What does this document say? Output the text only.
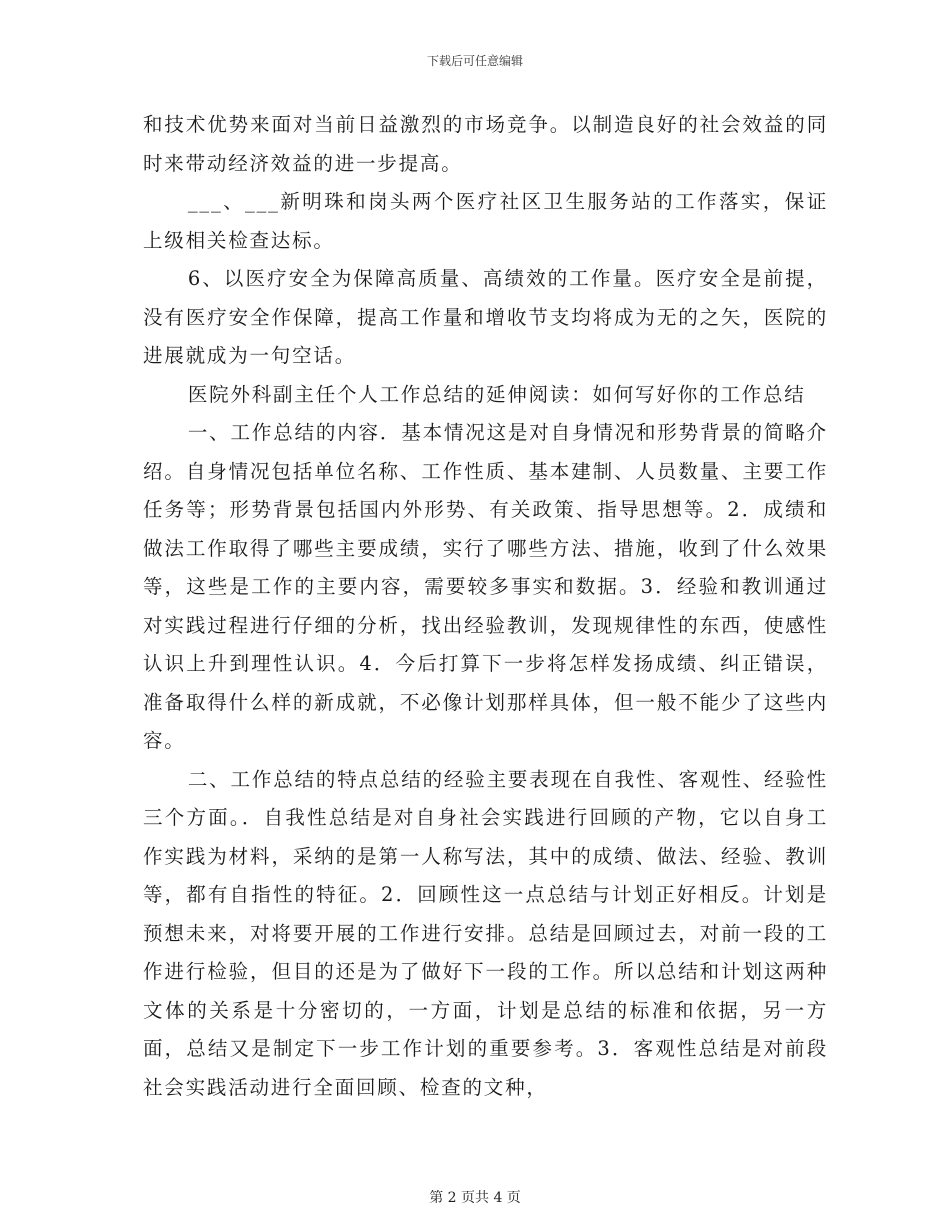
下载后可任意编辑

和技术优势来面对当前日益激烈的市场竞争。以制造良好的社会效益的同时来带动经济效益的进一步提高。

___、___新明珠和岗头两个医疗社区卫生服务站的工作落实，保证上级相关检查达标。

6、以医疗安全为保障高质量、高绩效的工作量。医疗安全是前提，没有医疗安全作保障，提高工作量和增收节支均将成为无的之矢，医院的进展就成为一句空话。

医院外科副主任个人工作总结的延伸阅读：如何写好你的工作总结

一、工作总结的内容．基本情况这是对自身情况和形势背景的简略介绍。自身情况包括单位名称、工作性质、基本建制、人员数量、主要工作任务等；形势背景包括国内外形势、有关政策、指导思想等。2．成绩和做法工作取得了哪些主要成绩，实行了哪些方法、措施，收到了什么效果等，这些是工作的主要内容，需要较多事实和数据。3．经验和教训通过对实践过程进行仔细的分析，找出经验教训，发现规律性的东西，使感性认识上升到理性认识。4．今后打算下一步将怎样发扬成绩、纠正错误，准备取得什么样的新成就，不必像计划那样具体，但一般不能少了这些内容。

二、工作总结的特点总结的经验主要表现在自我性、客观性、经验性三个方面。．自我性总结是对自身社会实践进行回顾的产物，它以自身工作实践为材料，采纳的是第一人称写法，其中的成绩、做法、经验、教训等，都有自指性的特征。2．回顾性这一点总结与计划正好相反。计划是预想未来，对将要开展的工作进行安排。总结是回顾过去，对前一段的工作进行检验，但目的还是为了做好下一段的工作。所以总结和计划这两种文体的关系是十分密切的，一方面，计划是总结的标准和依据，另一方面，总结又是制定下一步工作计划的重要参考。3．客观性总结是对前段社会实践活动进行全面回顾、检查的文种，

第 2 页共 4 页
